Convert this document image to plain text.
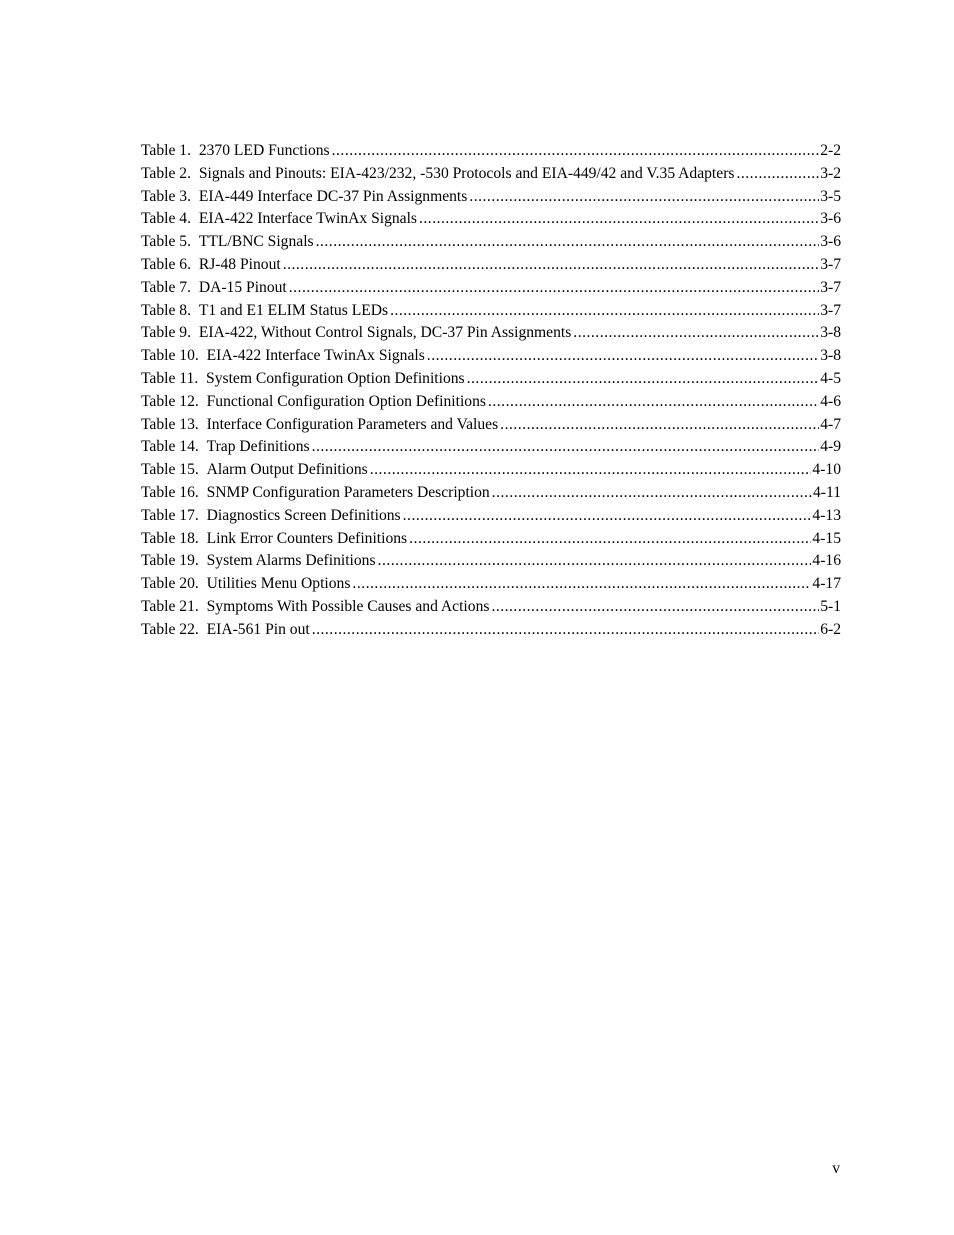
Table 1. 2370 LED Functions .....	2-2
Table 2. Signals and Pinouts: EIA-423/232, -530 Protocols and EIA-449/42 and V.35 Adapters .....	3-2
Table 3. EIA-449 Interface DC-37 Pin Assignments .....	3-5
Table 4. EIA-422 Interface TwinAx Signals .....	3-6
Table 5. TTL/BNC Signals .....	3-6
Table 6. RJ-48 Pinout .....	3-7
Table 7. DA-15 Pinout .....	3-7
Table 8. T1 and E1 ELIM Status LEDs .....	3-7
Table 9. EIA-422, Without Control Signals, DC-37 Pin Assignments .....	3-8
Table 10. EIA-422 Interface TwinAx Signals .....	3-8
Table 11. System Configuration Option Definitions .....	4-5
Table 12. Functional Configuration Option Definitions .....	4-6
Table 13. Interface Configuration Parameters and Values .....	4-7
Table 14. Trap Definitions .....	4-9
Table 15. Alarm Output Definitions .....	4-10
Table 16. SNMP Configuration Parameters Description .....	4-11
Table 17. Diagnostics Screen Definitions .....	4-13
Table 18. Link Error Counters Definitions .....	4-15
Table 19. System Alarms Definitions .....	4-16
Table 20. Utilities Menu Options .....	4-17
Table 21. Symptoms With Possible Causes and Actions .....	5-1
Table 22. EIA-561 Pin out .....	6-2
v
